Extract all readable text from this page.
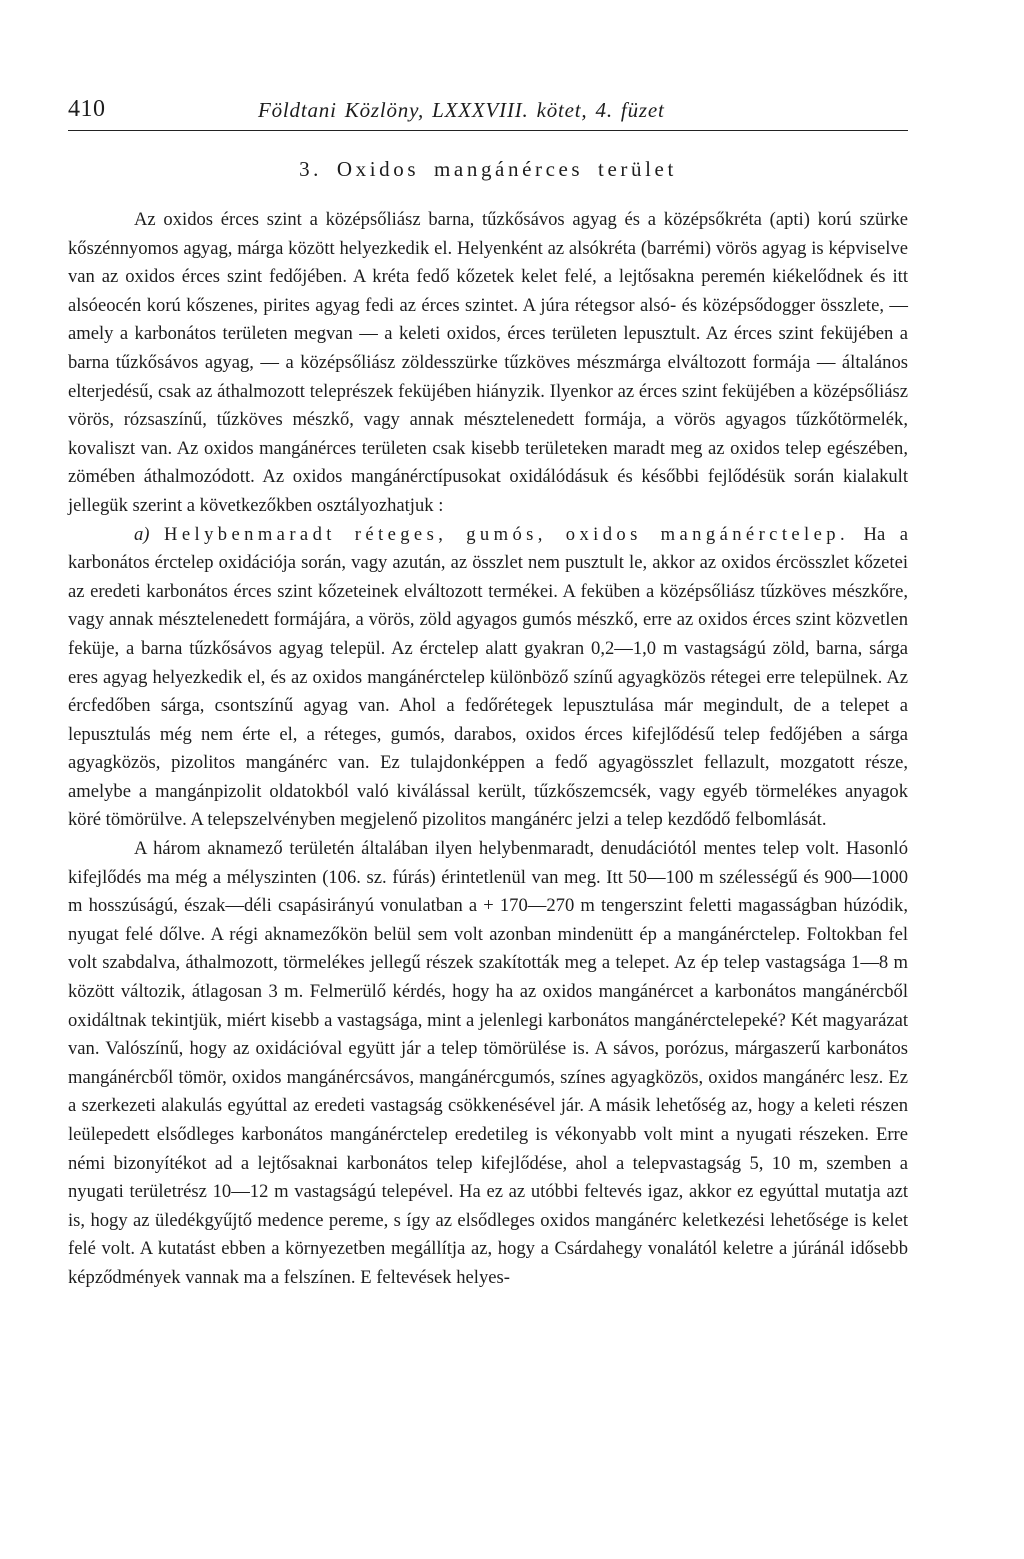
410	Földtani Közlöny, LXXXVIII. kötet, 4. füzet
3. Oxidos mangánérces terület

Az oxidos érces szint a középsőliász barna, tűzkősávos agyag és a középsőkréta (apti) korú szürke kőszénnyomos agyag, márga között helyezkedik el. Helyenként az alsókréta (barrémi) vörös agyag is képviselve van az oxidos érces szint fedőjében. A kréta fedő kőzetek kelet felé, a lejtősakna peremén kiékelődnek és itt alsóeocén korú kőszenes, pirites agyag fedi az érces szintet. A júra rétegsor alsó- és középsődogger összlete, — amely a karbonátos területen megvan — a keleti oxidos, érces területen lepusztult. Az érces szint feküjében a barna tűzkősávos agyag, — a középsőliász zöldesszürke tűzköves mészmárga elváltozott formája — általános elterjedésű, csak az áthalmozott teleprészek feküjében hiányzik. Ilyenkor az érces szint feküjében a középsőliász vörös, rózsaszínű, tűzköves mészkő, vagy annak mésztelenedett formája, a vörös agyagos tűzkőtörmelék, kovaliszt van. Az oxidos mangánérces területen csak kisebb területeken maradt meg az oxidos telep egészében, zömében áthalmozódott. Az oxidos mangánérctípusokat oxidálódásuk és későbbi fejlődésük során kialakult jellegük szerint a következőkben osztályozhatjuk :

a) Helybenmaradt réteges, gumós, oxidos mangánércteleр. Ha a karbonátos érctelep oxidációja során, vagy azután, az összlet nem pusztult le, akkor az oxidos ércösszlet kőzetei az eredeti karbonátos érces szint kőzeteinek elváltozott termékei. A feküben a középsőliász tűzköves mészkőre, vagy annak mésztelenedett formájára, a vörös, zöld agyagos gumós mészkő, erre az oxidos érces szint közvetlen feküje, a barna tűzkősávos agyag települ. Az érctelep alatt gyakran 0,2—1,0 m vastagságú zöld, barna, sárga eres agyag helyezkedik el, és az oxidos mangánérctelep különböző színű agyagközös rétegei erre települnek. Az ércfedőben sárga, csontszínű agyag van. Ahol a fedőrétegek lepusztulása már megindult, de a telepet a lepusztulás még nem érte el, a réteges, gumós, darabos, oxidos érces kifejlődésű telep fedőjében a sárga agyagközös, pizolitos mangánérc van. Ez tulajdonképpen a fedő agyagösszlet fellazult, mozgatott része, amelybe a mangánpizolit oldatokból való kiválással került, tűzkőszemcsék, vagy egyéb törmelékes anyagok köré tömörülve. A telepszelvényben megjelenő pizolitos mangánérc jelzi a telep kezdődő felbomlását.

A három aknamező területén általában ilyen helybenmaradt, denudációtól mentes telep volt. Hasonló kifejlődés ma még a mélyszinten (106. sz. fúrás) érintetlenül van meg. Itt 50—100 m szélességű és 900—1000 m hosszúságú, észak—déli csapásirányú vonulatban a + 170—270 m tengerszint feletti magasságban húzódik, nyugat felé dőlve. A régi aknamezőkön belül sem volt azonban mindenütt ép a mangánérctelep. Foltokban fel volt szabdalva, áthalmozott, törmelékes jellegű részek szakították meg a telepet. Az ép telep vastagsága 1—8 m között változik, átlagosan 3 m. Felmerülő kérdés, hogy ha az oxidos mangánércet a karbonátos mangánércből oxidáltnak tekintjük, miért kisebb a vastagsága, mint a jelenlegi karbonátos mangánércteleреké? Két magyarázat van. Valószínű, hogy az oxidációval együtt jár a telep tömörülése is. A sávos, porózus, márgaszerű karbonátos mangánércből tömör, oxidos mangánércsávos, mangánércgumós, színes agyagközös, oxidos mangánérc lesz. Ez a szerkezeti alakulás egyúttal az eredeti vastagság csökkenésével jár. A másik lehetőség az, hogy a keleti részen leülepedett elsődleges karbonátos mangánérctelep eredetileg is vékonyabb volt mint a nyugati részeken. Erre némi bizonyítékot ad a lejtősaknai karbonátos telep kifejlődése, ahol a telepvastagság 5, 10 m, szemben a nyugati területrész 10—12 m vastagságú telepével. Ha ez az utóbbi feltevés igaz, akkor ez egyúttal mutatja azt is, hogy az üledékgyűjtő medence pereme, s így az elsődleges oxidos mangánérc keletkezési lehetősége is kelet felé volt. A kutatást ebben a környezetben megállítja az, hogy a Csárdahegy vonalától keletre a júránál idősebb képződmények vannak ma a felszínen. E feltevések helyes-
